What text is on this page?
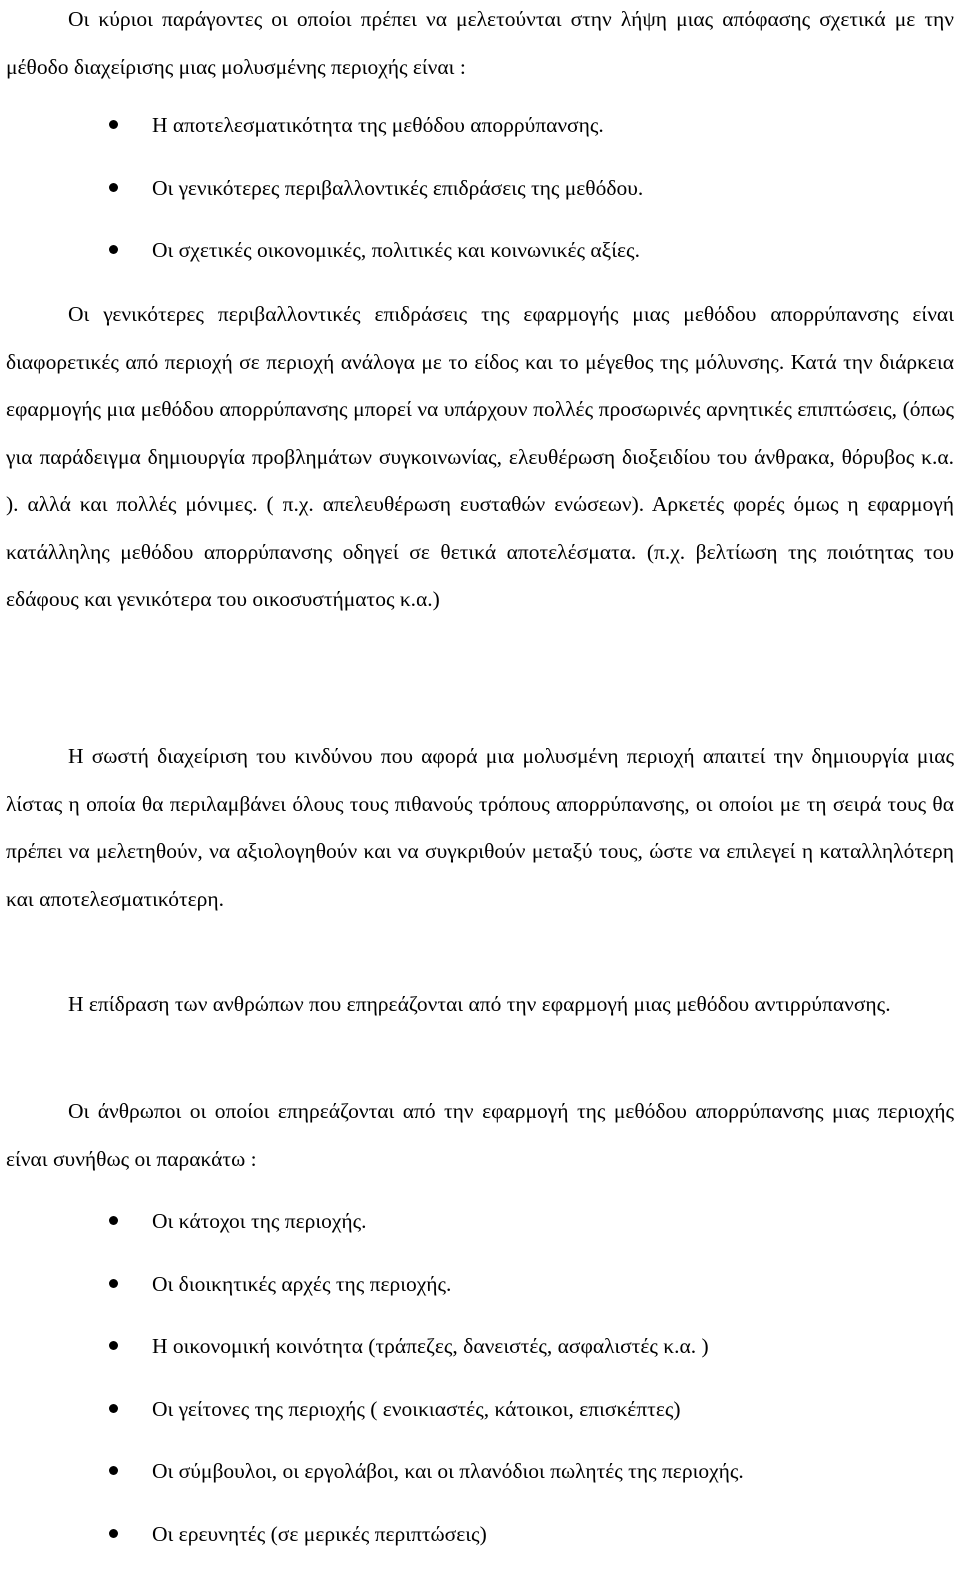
Οι κύριοι παράγοντες οι οποίοι πρέπει να μελετούνται στην λήψη μιας απόφασης σχετικά με την μέθοδο διαχείρισης μιας μολυσμένης περιοχής είναι :

Η αποτελεσματικότητα της μεθόδου απορρύπανσης.
Οι γενικότερες περιβαλλοντικές επιδράσεις της μεθόδου.
Οι σχετικές οικονομικές, πολιτικές και κοινωνικές αξίες.

Οι γενικότερες περιβαλλοντικές επιδράσεις της εφαρμογής μιας μεθόδου απορρύπανσης είναι διαφορετικές από περιοχή σε περιοχή ανάλογα με το είδος και το μέγεθος της μόλυνσης. Κατά την διάρκεια εφαρμογής μια μεθόδου απορρύπανσης μπορεί να υπάρχουν πολλές προσωρινές αρνητικές επιπτώσεις, (όπως για παράδειγμα δημιουργία προβλημάτων συγκοινωνίας, ελευθέρωση διοξειδίου του άνθρακα, θόρυβος κ.α. ). αλλά και πολλές μόνιμες. ( π.χ. απελευθέρωση ευσταθών ενώσεων). Αρκετές φορές όμως η εφαρμογή κατάλληλης μεθόδου απορρύπανσης οδηγεί σε θετικά αποτελέσματα. (π.χ. βελτίωση της ποιότητας του εδάφους και γενικότερα του οικοσυστήματος κ.α.)

Η σωστή διαχείριση του κινδύνου που αφορά μια μολυσμένη περιοχή απαιτεί την δημιουργία μιας λίστας η οποία θα περιλαμβάνει όλους τους πιθανούς τρόπους απορρύπανσης, οι οποίοι με τη σειρά τους θα πρέπει να μελετηθούν, να αξιολογηθούν και να συγκριθούν μεταξύ τους, ώστε να επιλεγεί η καταλληλότερη και αποτελεσματικότερη.

Η επίδραση των ανθρώπων που επηρεάζονται από την εφαρμογή μιας μεθόδου αντιρρύπανσης.

Οι άνθρωποι οι οποίοι επηρεάζονται από την εφαρμογή της μεθόδου απορρύπανσης μιας περιοχής είναι συνήθως οι παρακάτω :

Οι κάτοχοι της περιοχής.
Οι διοικητικές αρχές της περιοχής.
Η οικονομική κοινότητα (τράπεζες, δανειστές, ασφαλιστές κ.α. )
Οι γείτονες της περιοχής ( ενοικιαστές, κάτοικοι, επισκέπτες)
Οι σύμβουλοι, οι εργολάβοι, και οι πλανόδιοι πωλητές της περιοχής.
Οι ερευνητές (σε μερικές περιπτώσεις)
